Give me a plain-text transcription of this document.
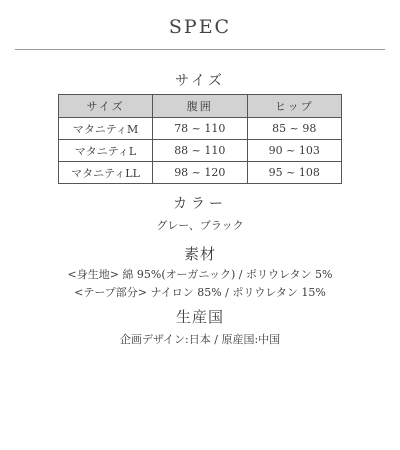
SPEC
サイズ
サイズ	腹囲	ヒップ
マタニティM	78 ~ 110	85 ~ 98
マタニティL	88 ~ 110	90 ~ 103
マタニティLL	98 ~ 120	95 ~ 108
カラー
グレー、ブラック
素材
<身生地> 綿 95%(オーガニック) / ポリウレタン 5%
<テープ部分> ナイロン 85% / ポリウレタン 15%
生産国
企画デザイン:日本 / 原産国:中国
